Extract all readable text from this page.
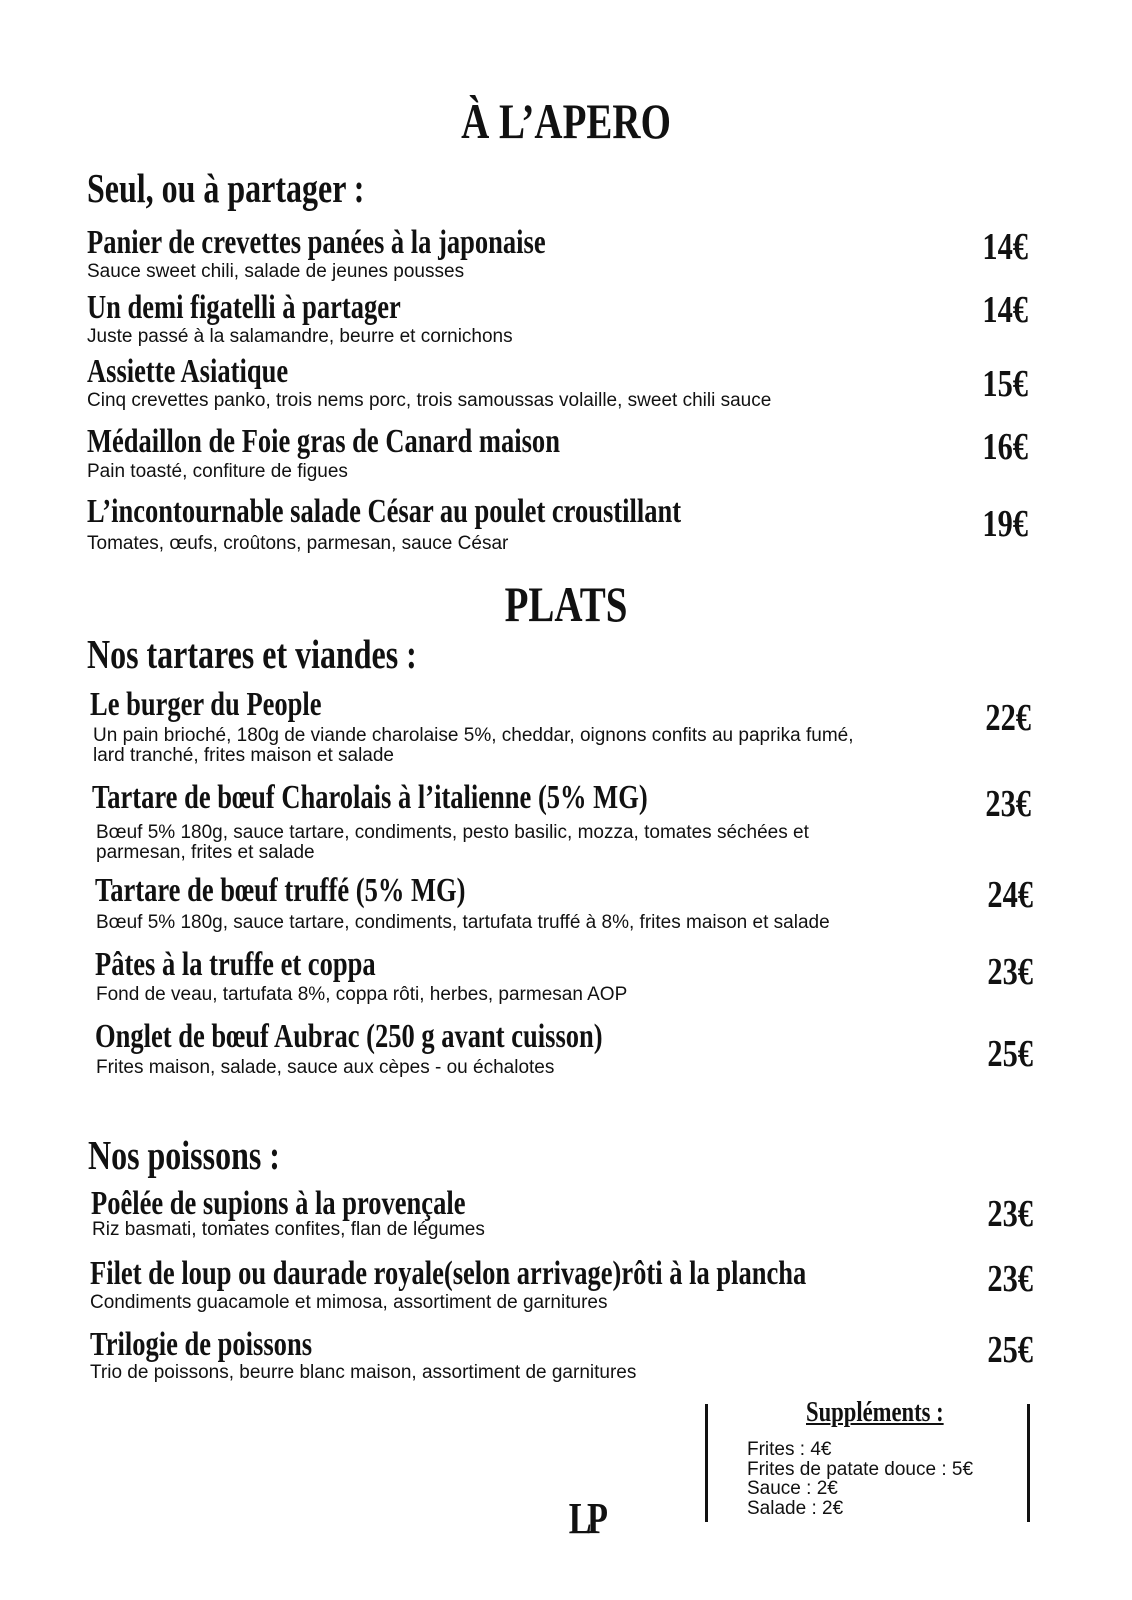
À L’APERO
Seul, ou à partager :
Panier de crevettes panées à la japonaise
Sauce sweet chili, salade de jeunes pousses
14€
Un demi figatelli à partager
Juste passé à la salamandre, beurre et cornichons
14€
Assiette Asiatique
Cinq crevettes panko, trois nems porc, trois samoussas volaille, sweet chili sauce	15€
Médaillon de Foie gras de Canard maison
Pain toasté, confiture de figues
16€
L’incontournable salade César au poulet croustillant
Tomates, œufs, croûtons, parmesan, sauce César	19€
PLATS
Nos tartares et viandes :
Le burger du People
Un pain brioché, 180g de viande charolaise 5%, cheddar, oignons confits au paprika fumé,
lard tranché, frites maison et salade
22€
Tartare de bœuf Charolais à l’italienne (5% MG)
Bœuf 5% 180g, sauce tartare, condiments, pesto basilic, mozza, tomates séchées et
parmesan, frites et salade
23€
Tartare de bœuf truffé (5% MG)
Bœuf 5% 180g, sauce tartare, condiments, tartufata truffé à 8%, frites maison et salade
24€
Pâtes à la truffe et coppa
Fond de veau, tartufata 8%, coppa rôti, herbes, parmesan AOP
23€
Onglet de bœuf Aubrac (250 g avant cuisson)
Frites maison, salade, sauce aux cèpes - ou échalotes	25€
Nos poissons :
Poêlée de supions à la provençale
Riz basmati, tomates confites, flan de légumes	23€
Filet de loup ou daurade royale(selon arrivage)rôti à la plancha
Condiments guacamole et mimosa, assortiment de garnitures
23€
Trilogie de poissons
Trio de poissons, beurre blanc maison, assortiment de garnitures
25€
Suppléments :
Frites : 4€
Frites de patate douce : 5€
Sauce : 2€
Salade : 2€
LP
